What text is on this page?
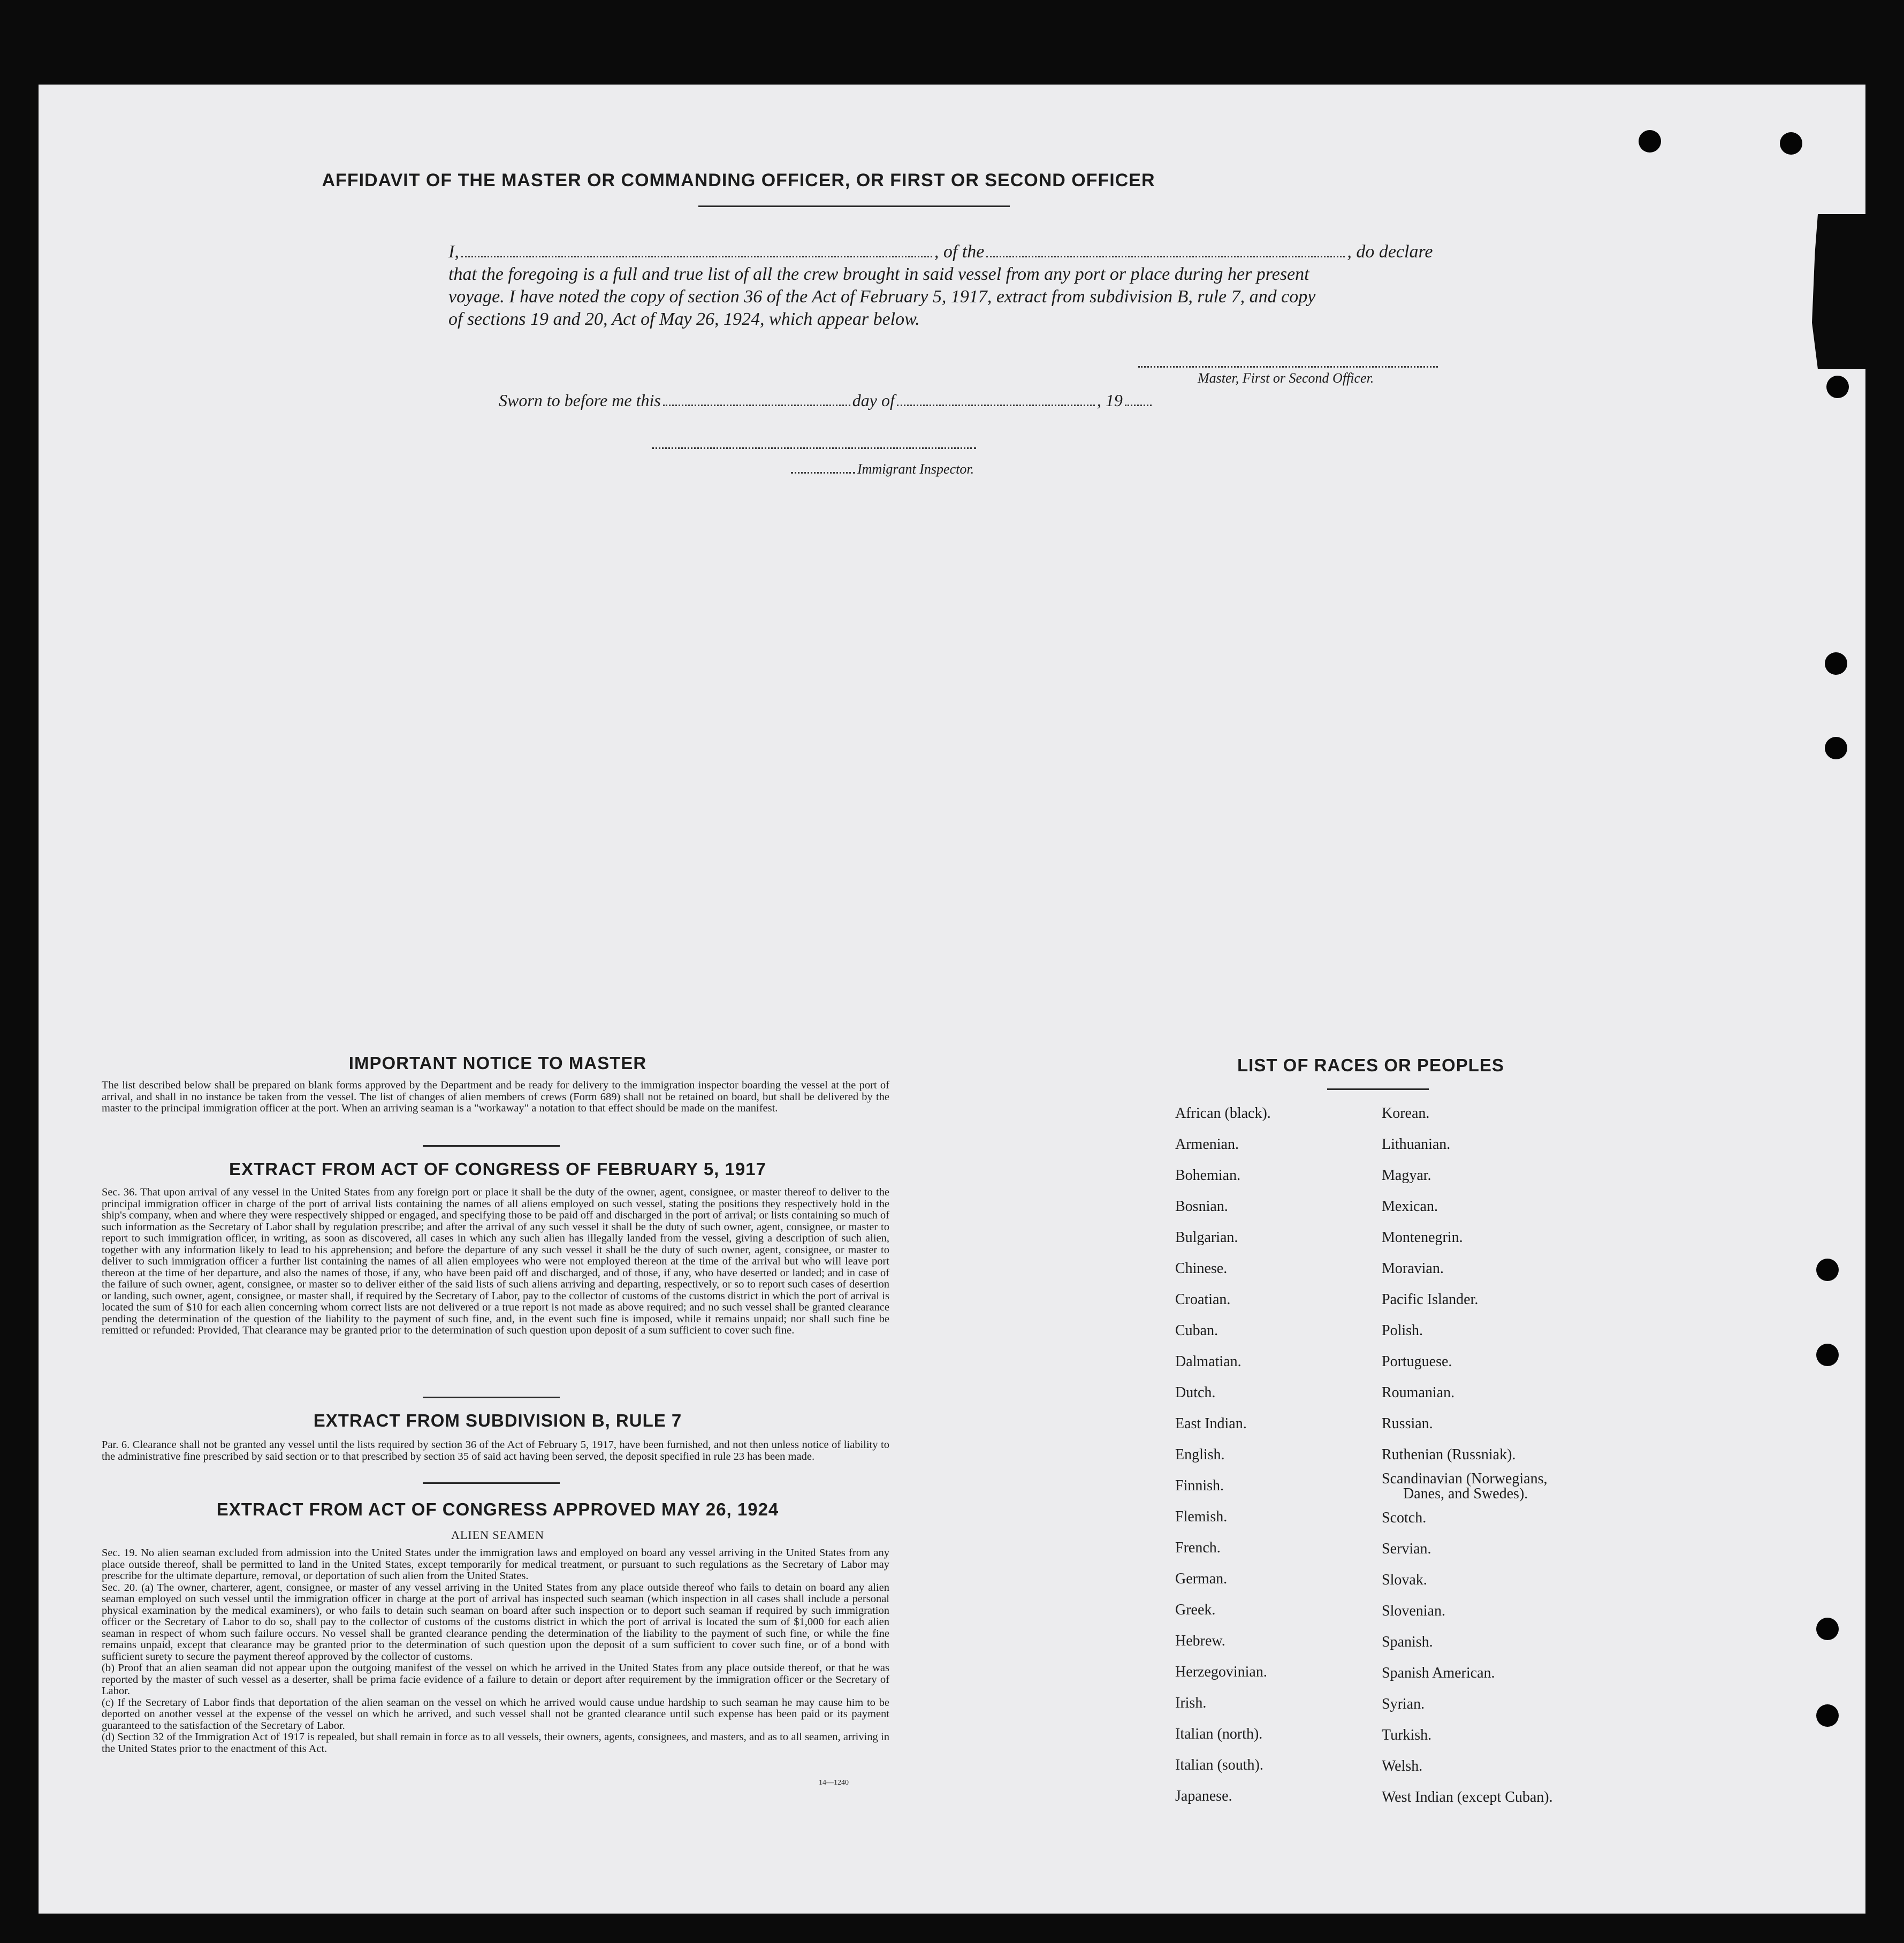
AFFIDAVIT OF THE MASTER OR COMMANDING OFFICER, OR FIRST OR SECOND OFFICER
I,	, of the	, do declare
that the foregoing is a full and true list of all the crew brought in said vessel from any port or place during her present
voyage. I have noted the copy of section 36 of the Act of February 5, 1917, extract from subdivision B, rule 7, and copy
of sections 19 and 20, Act of May 26, 1924, which appear below.
Master, First or Second Officer.
Sworn to before me this	day of	, 19
Immigrant Inspector.
IMPORTANT NOTICE TO MASTER
The list described below shall be prepared on blank forms approved by the Department and be ready for delivery to the immigration inspector boarding the vessel at the port of arrival, and shall in no instance be taken from the vessel. The list of changes of alien members of crews (Form 689) shall not be retained on board, but shall be delivered by the master to the principal immigration officer at the port. When an arriving seaman is a "workaway" a notation to that effect should be made on the manifest.
EXTRACT FROM ACT OF CONGRESS OF FEBRUARY 5, 1917
Sec. 36. That upon arrival of any vessel in the United States from any foreign port or place it shall be the duty of the owner, agent, consignee, or master thereof to deliver to the principal immigration officer in charge of the port of arrival lists containing the names of all aliens employed on such vessel, stating the positions they respectively hold in the ship's company, when and where they were respectively shipped or engaged, and specifying those to be paid off and discharged in the port of arrival; or lists containing so much of such information as the Secretary of Labor shall by regulation prescribe; and after the arrival of any such vessel it shall be the duty of such owner, agent, consignee, or master to report to such immigration officer, in writing, as soon as discovered, all cases in which any such alien has illegally landed from the vessel, giving a description of such alien, together with any information likely to lead to his apprehension; and before the departure of any such vessel it shall be the duty of such owner, agent, consignee, or master to deliver to such immigration officer a further list containing the names of all alien employees who were not employed thereon at the time of the arrival but who will leave port thereon at the time of her departure, and also the names of those, if any, who have been paid off and discharged, and of those, if any, who have deserted or landed; and in case of the failure of such owner, agent, consignee, or master so to deliver either of the said lists of such aliens arriving and departing, respectively, or so to report such cases of desertion or landing, such owner, agent, consignee, or master shall, if required by the Secretary of Labor, pay to the collector of customs of the customs district in which the port of arrival is located the sum of $10 for each alien concerning whom correct lists are not delivered or a true report is not made as above required; and no such vessel shall be granted clearance pending the determination of the question of the liability to the payment of such fine, and, in the event such fine is imposed, while it remains unpaid; nor shall such fine be remitted or refunded: Provided, That clearance may be granted prior to the determination of such question upon deposit of a sum sufficient to cover such fine.
EXTRACT FROM SUBDIVISION B, RULE 7
Par. 6. Clearance shall not be granted any vessel until the lists required by section 36 of the Act of February 5, 1917, have been furnished, and not then unless notice of liability to the administrative fine prescribed by said section or to that prescribed by section 35 of said act having been served, the deposit specified in rule 23 has been made.
EXTRACT FROM ACT OF CONGRESS APPROVED MAY 26, 1924
ALIEN SEAMEN
Sec. 19. No alien seaman excluded from admission into the United States under the immigration laws and employed on board any vessel arriving in the United States from any place outside thereof, shall be permitted to land in the United States, except temporarily for medical treatment, or pursuant to such regulations as the Secretary of Labor may prescribe for the ultimate departure, removal, or deportation of such alien from the United States.
Sec. 20. (a) The owner, charterer, agent, consignee, or master of any vessel arriving in the United States from any place outside thereof who fails to detain on board any alien seaman employed on such vessel until the immigration officer in charge at the port of arrival has inspected such seaman (which inspection in all cases shall include a personal physical examination by the medical examiners), or who fails to detain such seaman on board after such inspection or to deport such seaman if required by such immigration officer or the Secretary of Labor to do so, shall pay to the collector of customs of the customs district in which the port of arrival is located the sum of $1,000 for each alien seaman in respect of whom such failure occurs. No vessel shall be granted clearance pending the determination of the liability to the payment of such fine, or while the fine remains unpaid, except that clearance may be granted prior to the determination of such question upon the deposit of a sum sufficient to cover such fine, or of a bond with sufficient surety to secure the payment thereof approved by the collector of customs.
(b) Proof that an alien seaman did not appear upon the outgoing manifest of the vessel on which he arrived in the United States from any place outside thereof, or that he was reported by the master of such vessel as a deserter, shall be prima facie evidence of a failure to detain or deport after requirement by the immigration officer or the Secretary of Labor.
(c) If the Secretary of Labor finds that deportation of the alien seaman on the vessel on which he arrived would cause undue hardship to such seaman he may cause him to be deported on another vessel at the expense of the vessel on which he arrived, and such vessel shall not be granted clearance until such expense has been paid or its payment guaranteed to the satisfaction of the Secretary of Labor.
(d) Section 32 of the Immigration Act of 1917 is repealed, but shall remain in force as to all vessels, their owners, agents, consignees, and masters, and as to all seamen, arriving in the United States prior to the enactment of this Act.
14—1240
LIST OF RACES OR PEOPLES
African (black).
Armenian.
Bohemian.
Bosnian.
Bulgarian.
Chinese.
Croatian.
Cuban.
Dalmatian.
Dutch.
East Indian.
English.
Finnish.
Flemish.
French.
German.
Greek.
Hebrew.
Herzegovinian.
Irish.
Italian (north).
Italian (south).
Japanese.
Korean.
Lithuanian.
Magyar.
Mexican.
Montenegrin.
Moravian.
Pacific Islander.
Polish.
Portuguese.
Roumanian.
Russian.
Ruthenian (Russniak).
Scandinavian (Norwegians,
Danes, and Swedes).
Scotch.
Servian.
Slovak.
Slovenian.
Spanish.
Spanish American.
Syrian.
Turkish.
Welsh.
West Indian (except Cuban).
